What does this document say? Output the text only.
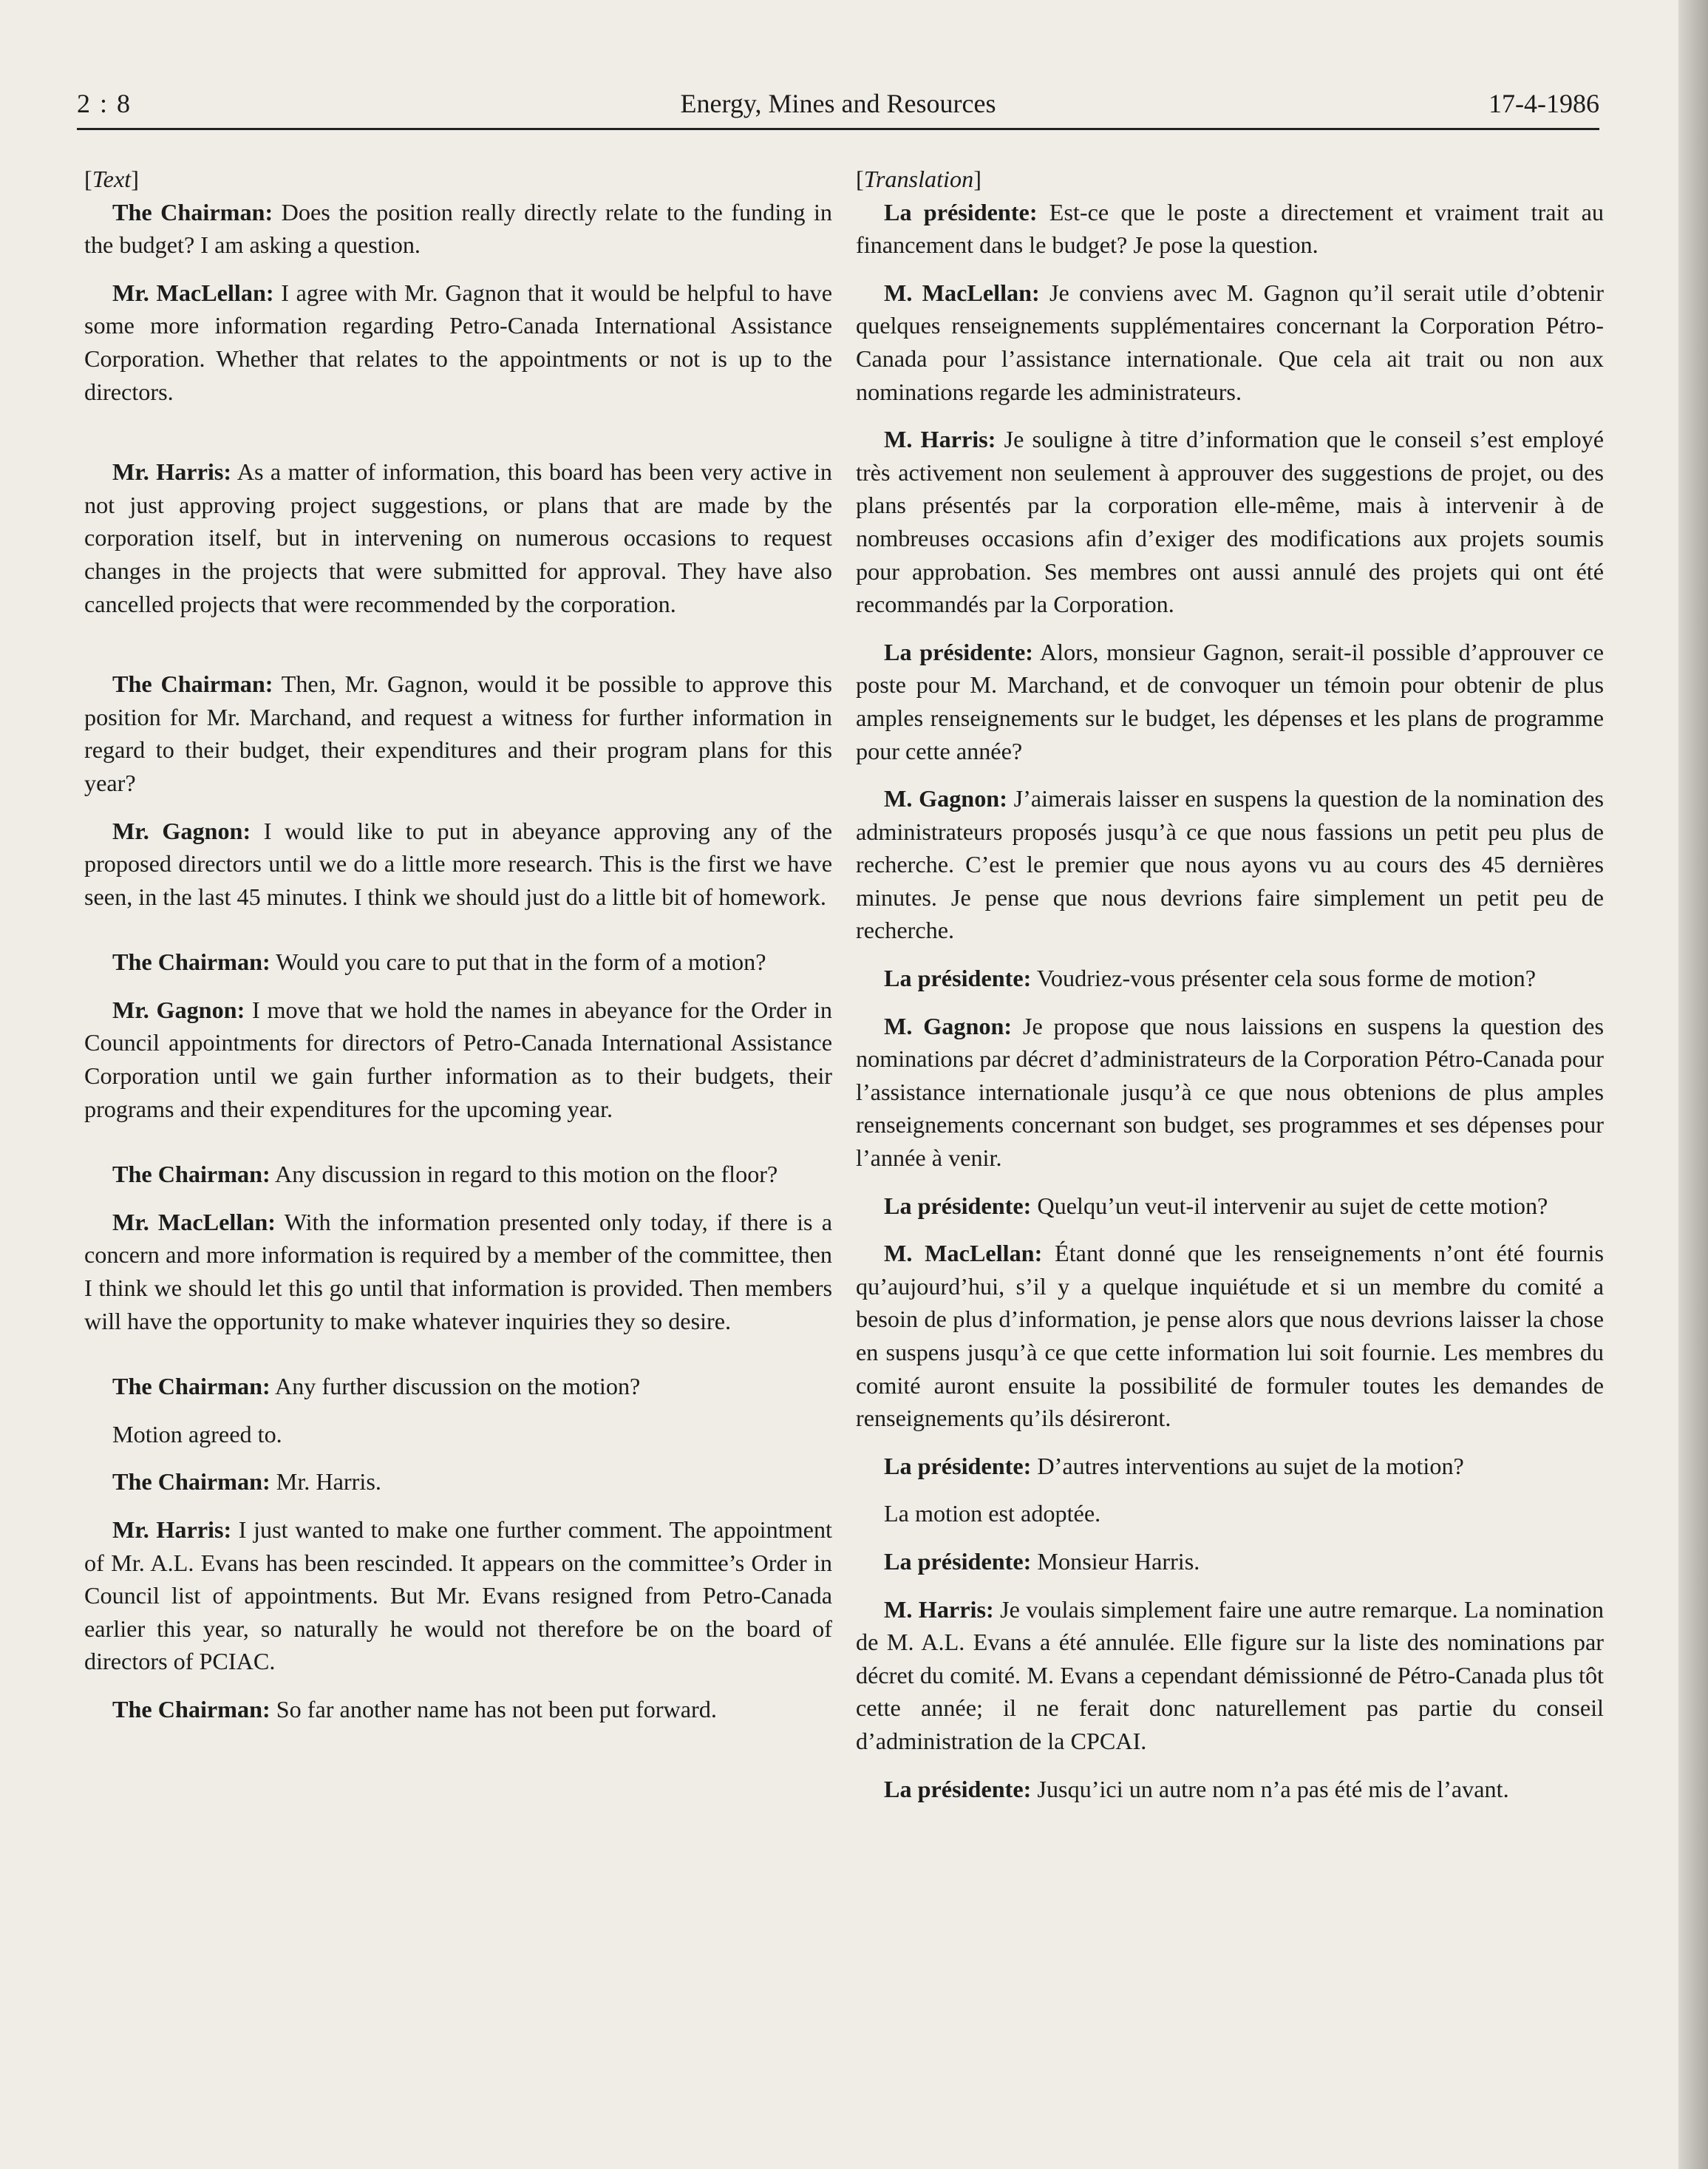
2 : 8	Energy, Mines and Resources	17-4-1986
[Text]

The Chairman: Does the position really directly relate to the funding in the budget? I am asking a question.

Mr. MacLellan: I agree with Mr. Gagnon that it would be helpful to have some more information regarding Petro-Canada International Assistance Corporation. Whether that relates to the appointments or not is up to the directors.

Mr. Harris: As a matter of information, this board has been very active in not just approving project suggestions, or plans that are made by the corporation itself, but in intervening on numerous occasions to request changes in the projects that were submitted for approval. They have also cancelled projects that were recommended by the corporation.

The Chairman: Then, Mr. Gagnon, would it be possible to approve this position for Mr. Marchand, and request a witness for further information in regard to their budget, their expenditures and their program plans for this year?

Mr. Gagnon: I would like to put in abeyance approving any of the proposed directors until we do a little more research. This is the first we have seen, in the last 45 minutes. I think we should just do a little bit of homework.

The Chairman: Would you care to put that in the form of a motion?

Mr. Gagnon: I move that we hold the names in abeyance for the Order in Council appointments for directors of Petro-Canada International Assistance Corporation until we gain further information as to their budgets, their programs and their expenditures for the upcoming year.

The Chairman: Any discussion in regard to this motion on the floor?

Mr. MacLellan: With the information presented only today, if there is a concern and more information is required by a member of the committee, then I think we should let this go until that information is provided. Then members will have the opportunity to make whatever inquiries they so desire.

The Chairman: Any further discussion on the motion?

Motion agreed to.

The Chairman: Mr. Harris.

Mr. Harris: I just wanted to make one further comment. The appointment of Mr. A.L. Evans has been rescinded. It appears on the committee’s Order in Council list of appointments. But Mr. Evans resigned from Petro-Canada earlier this year, so naturally he would not therefore be on the board of directors of PCIAC.

The Chairman: So far another name has not been put forward.

[Translation]

La présidente: Est-ce que le poste a directement et vraiment trait au financement dans le budget? Je pose la question.

M. MacLellan: Je conviens avec M. Gagnon qu’il serait utile d’obtenir quelques renseignements supplémentaires concernant la Corporation Pétro-Canada pour l’assistance internationale. Que cela ait trait ou non aux nominations regarde les administrateurs.

M. Harris: Je souligne à titre d’information que le conseil s’est employé très activement non seulement à approuver des suggestions de projet, ou des plans présentés par la corporation elle-même, mais à intervenir à de nombreuses occasions afin d’exiger des modifications aux projets soumis pour approbation. Ses membres ont aussi annulé des projets qui ont été recommandés par la Corporation.

La présidente: Alors, monsieur Gagnon, serait-il possible d’approuver ce poste pour M. Marchand, et de convoquer un témoin pour obtenir de plus amples renseignements sur le budget, les dépenses et les plans de programme pour cette année?

M. Gagnon: J’aimerais laisser en suspens la question de la nomination des administrateurs proposés jusqu’à ce que nous fassions un petit peu plus de recherche. C’est le premier que nous ayons vu au cours des 45 dernières minutes. Je pense que nous devrions faire simplement un petit peu de recherche.

La présidente: Voudriez-vous présenter cela sous forme de motion?

M. Gagnon: Je propose que nous laissions en suspens la question des nominations par décret d’administrateurs de la Corporation Pétro-Canada pour l’assistance internationale jusqu’à ce que nous obtenions de plus amples renseignements concernant son budget, ses programmes et ses dépenses pour l’année à venir.

La présidente: Quelqu’un veut-il intervenir au sujet de cette motion?

M. MacLellan: Étant donné que les renseignements n’ont été fournis qu’aujourd’hui, s’il y a quelque inquiétude et si un membre du comité a besoin de plus d’information, je pense alors que nous devrions laisser la chose en suspens jusqu’à ce que cette information lui soit fournie. Les membres du comité auront ensuite la possibilité de formuler toutes les demandes de renseignements qu’ils désireront.

La présidente: D’autres interventions au sujet de la motion?

La motion est adoptée.

La présidente: Monsieur Harris.

M. Harris: Je voulais simplement faire une autre remarque. La nomination de M. A.L. Evans a été annulée. Elle figure sur la liste des nominations par décret du comité. M. Evans a cependant démissionné de Pétro-Canada plus tôt cette année; il ne ferait donc naturellement pas partie du conseil d’administration de la CPCAI.

La présidente: Jusqu’ici un autre nom n’a pas été mis de l’avant.
